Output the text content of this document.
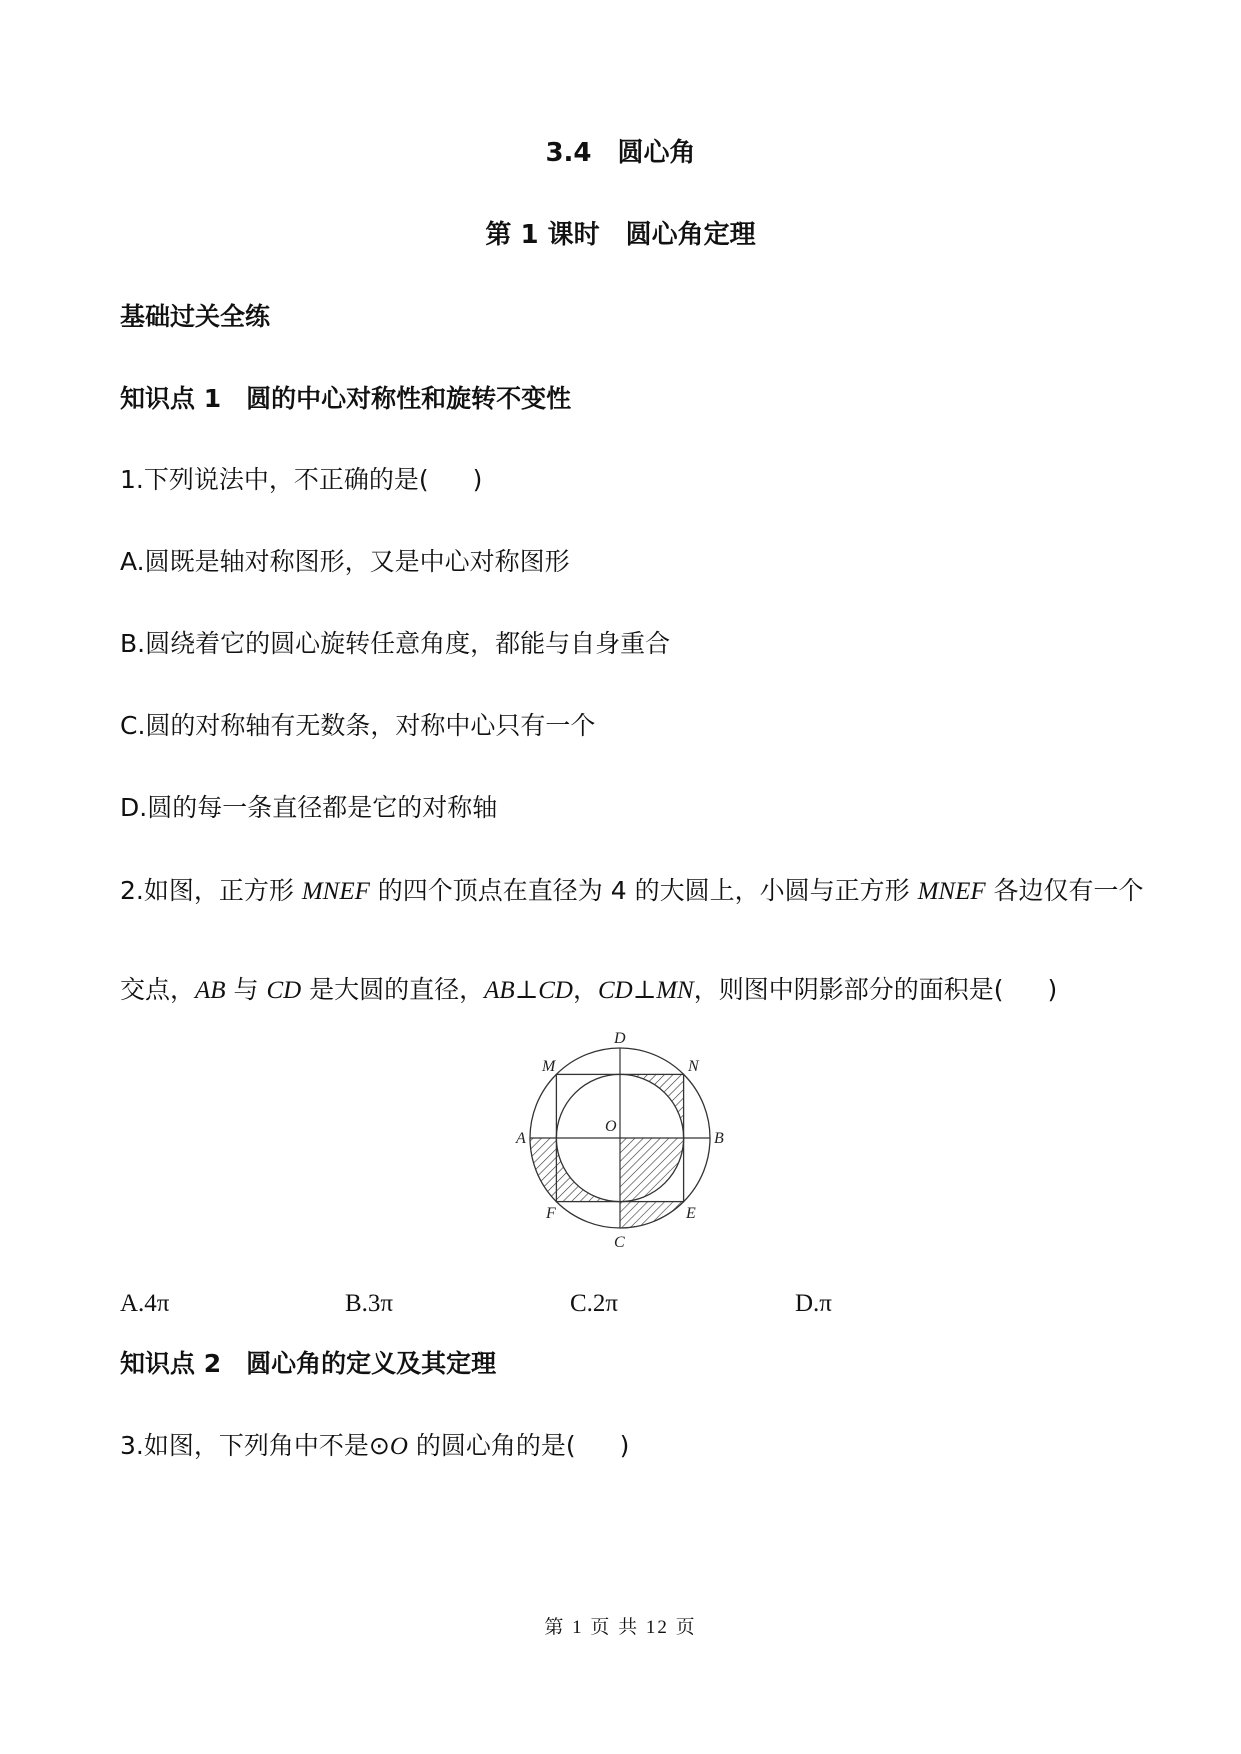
3.4　圆心角
第 1 课时　圆心角定理
基础过关全练
知识点 1　 圆的中心对称性和旋转不变性
1.下列说法中，不正确的是( )
A.圆既是轴对称图形，又是中心对称图形
B.圆绕着它的圆心旋转任意角度，都能与自身重合
C.圆的对称轴有无数条，对称中心只有一个
D.圆的每一条直径都是它的对称轴
2.如图，正方形 MNEF 的四个顶点在直径为 4 的大圆上，小圆与正方形 MNEF 各边仅有一个
交点，AB 与 CD 是大圆的直径，AB⊥CD，CD⊥MN，则图中阴影部分的面积是( )
D
M	N
O
A	B
F	E
C
A.4π	B.3π	C.2π	D.π
知识点 2　 圆心角的定义及其定理
3.如图，下列角中不是⊙O 的圆心角的是( )
第 1 页 共 12 页
